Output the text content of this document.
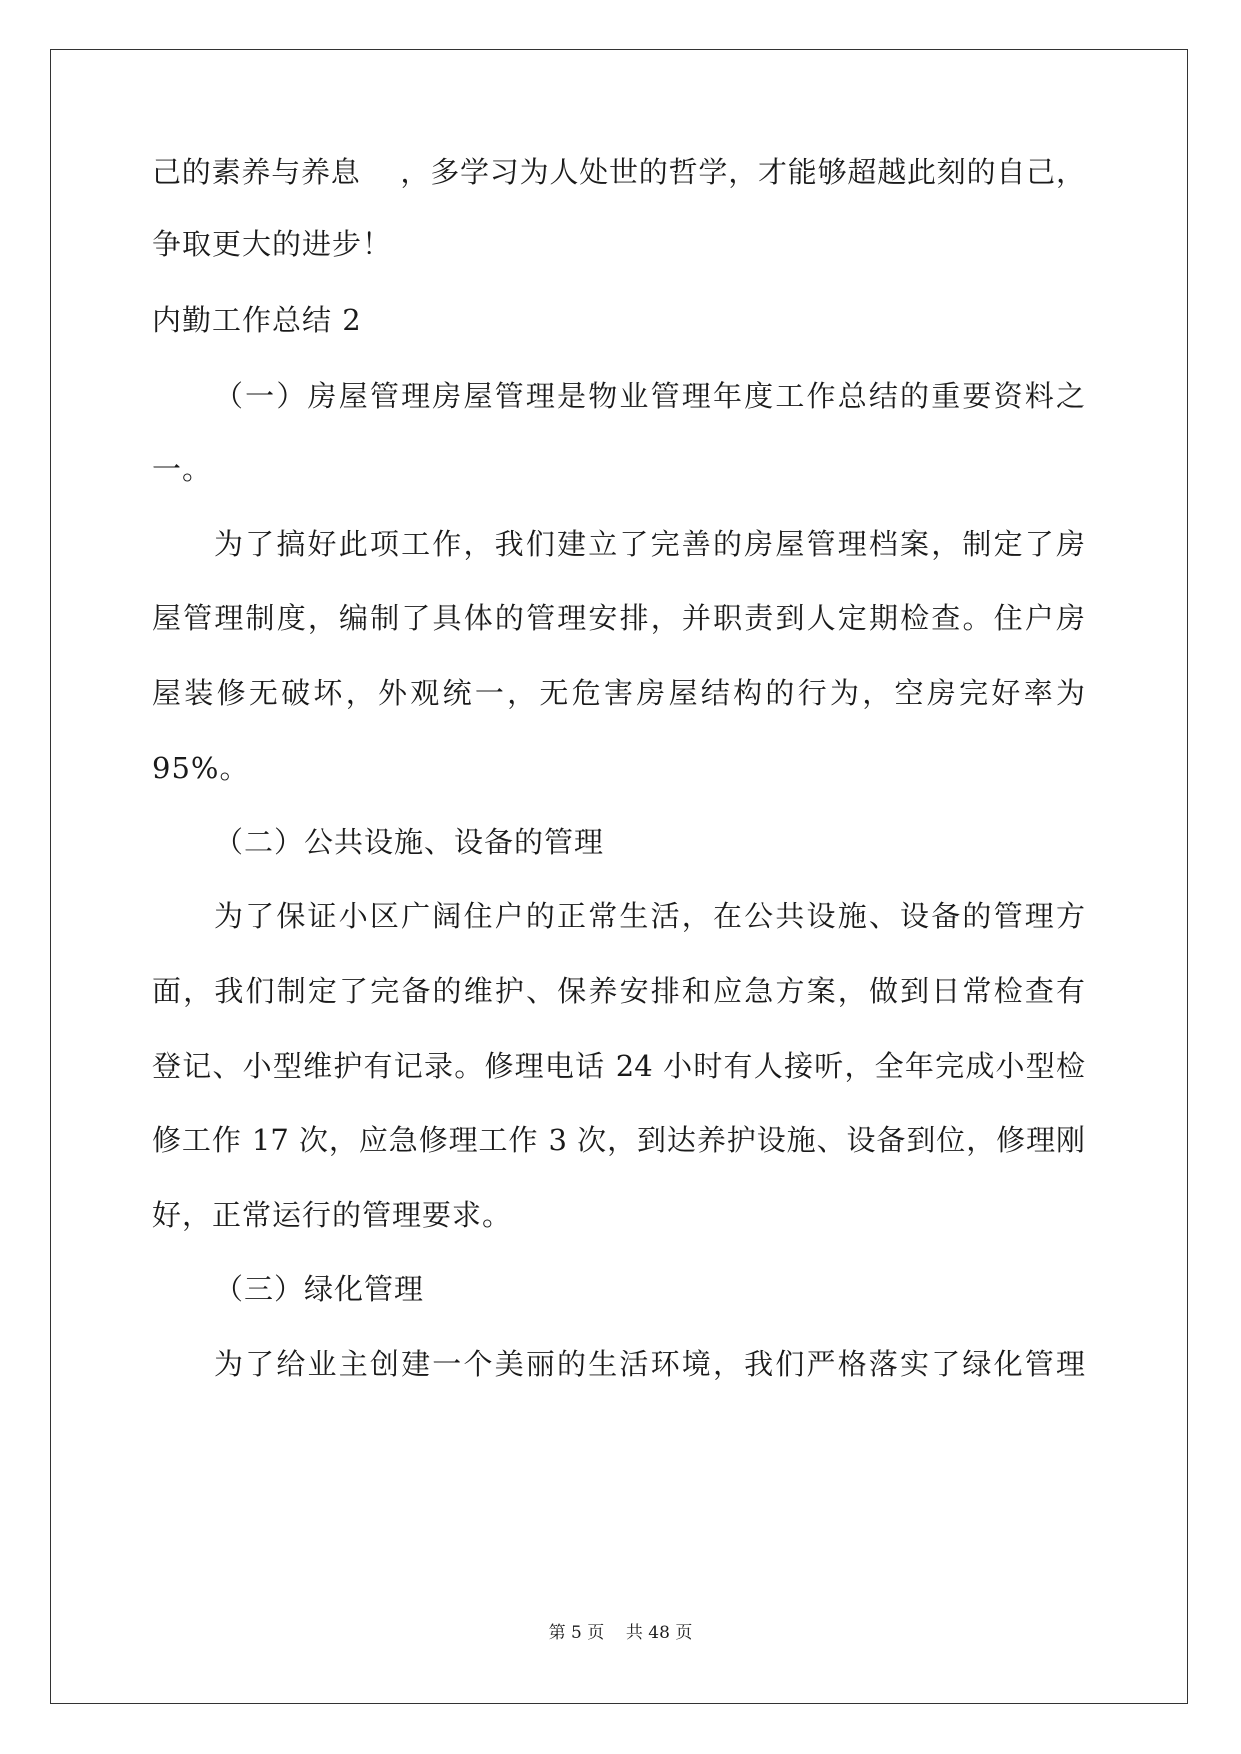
己的素养与养息　 ，多学习为人处世的哲学，才能够超越此刻的自己，
争取更大的进步！
内勤工作总结 2
（一）房屋管理房屋管理是物业管理年度工作总结的重要资料之
一。
为了搞好此项工作，我们建立了完善的房屋管理档案，制定了房
屋管理制度，编制了具体的管理安排，并职责到人定期检查。住户房
屋装修无破坏，外观统一，无危害房屋结构的行为，空房完好率为
95%。
（二）公共设施、设备的管理
为了保证小区广阔住户的正常生活，在公共设施、设备的管理方
面，我们制定了完备的维护、保养安排和应急方案，做到日常检查有
登记、小型维护有记录。修理电话 24 小时有人接听，全年完成小型检
修工作 17 次，应急修理工作 3 次，到达养护设施、设备到位，修理刚
好，正常运行的管理要求。
（三）绿化管理
为了给业主创建一个美丽的生活环境，我们严格落实了绿化管理
第 5 页    共 48 页
